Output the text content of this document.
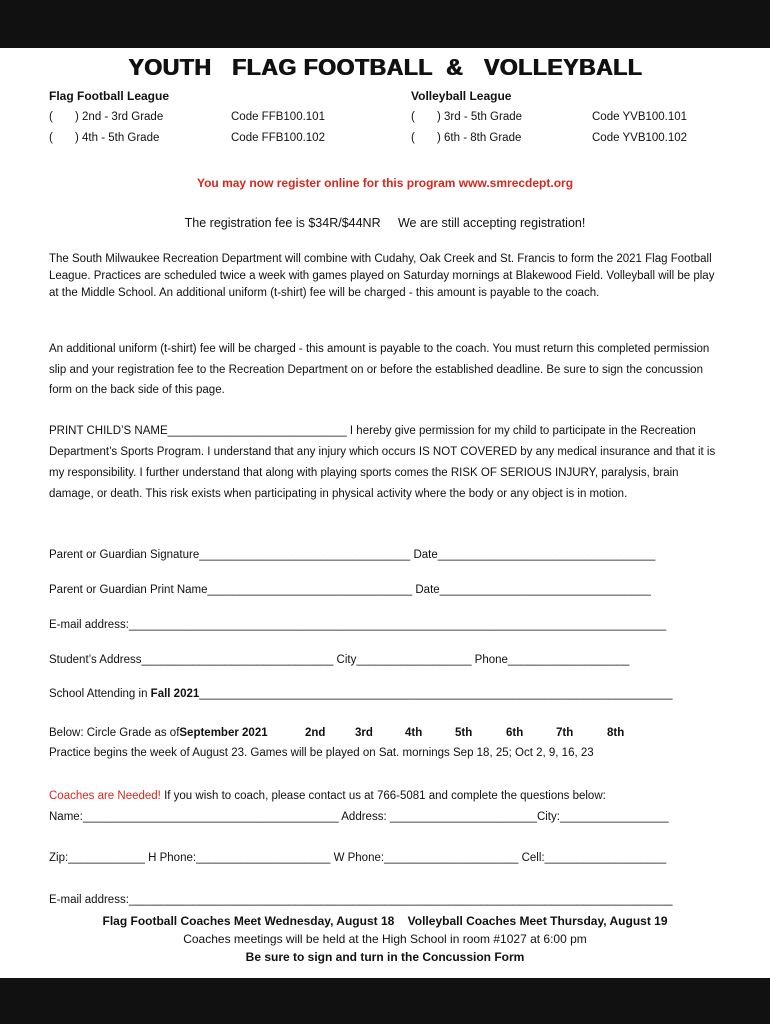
YOUTH   FLAG FOOTBALL  &   VOLLEYBALL
Flag Football League
( ) 2nd - 3rd Grade	Code FFB100.101
( ) 4th - 5th Grade	Code FFB100.102
Volleyball League
( ) 3rd - 5th Grade	Code YVB100.101
( ) 6th - 8th Grade	Code YVB100.102
You may now register online for this program www.smrecdept.org
The registration fee is $34R/$44NR     We are still accepting registration!
The South Milwaukee Recreation Department will combine with Cudahy, Oak Creek and St. Francis to form the 2021 Flag Football League. Practices are scheduled twice a week with games played on Saturday mornings at Blakewood Field. Volleyball will be play at the Middle School. An additional uniform (t-shirt) fee will be charged - this amount is payable to the coach.
An additional uniform (t-shirt) fee will be charged - this amount is payable to the coach. You must return this completed permission slip and your registration fee to the Recreation Department on or before the established deadline. Be sure to sign the concussion form on the back side of this page.
PRINT CHILD’S NAME____________________________ I hereby give permission for my child to participate in the Recreation Department’s Sports Program. I understand that any injury which occurs IS NOT COVERED by any medical insurance and that it is my responsibility. I further understand that along with playing sports comes the RISK OF SERIOUS INJURY, paralysis, brain damage, or death. This risk exists when participating in physical activity where the body or any object is in motion.
Parent or Guardian Signature_________________________________ Date__________________________________
Parent or Guardian Print Name________________________________ Date_________________________________
E-mail address:____________________________________________________________________________________
Student’s Address______________________________ City__________________ Phone___________________
School Attending in Fall 2021__________________________________________________________________________
Below: Circle Grade as ofSeptember 2021	2nd	3rd	4th	5th	6th	7th	8th
Practice begins the week of August 23. Games will be played on Sat. mornings Sep 18, 25; Oct 2, 9, 16, 23
Coaches are Needed! If you wish to coach, please contact us at 766-5081 and complete the questions below:
Name:________________________________________ Address: _______________________City:_________________
Zip:____________ H Phone:_____________________ W Phone:_____________________ Cell:___________________
E-mail address:_____________________________________________________________________________________
Flag Football Coaches Meet Wednesday, August 18    Volleyball Coaches Meet Thursday, August 19
Coaches meetings will be held at the High School in room #1027 at 6:00 pm
Be sure to sign and turn in the Concussion Form
